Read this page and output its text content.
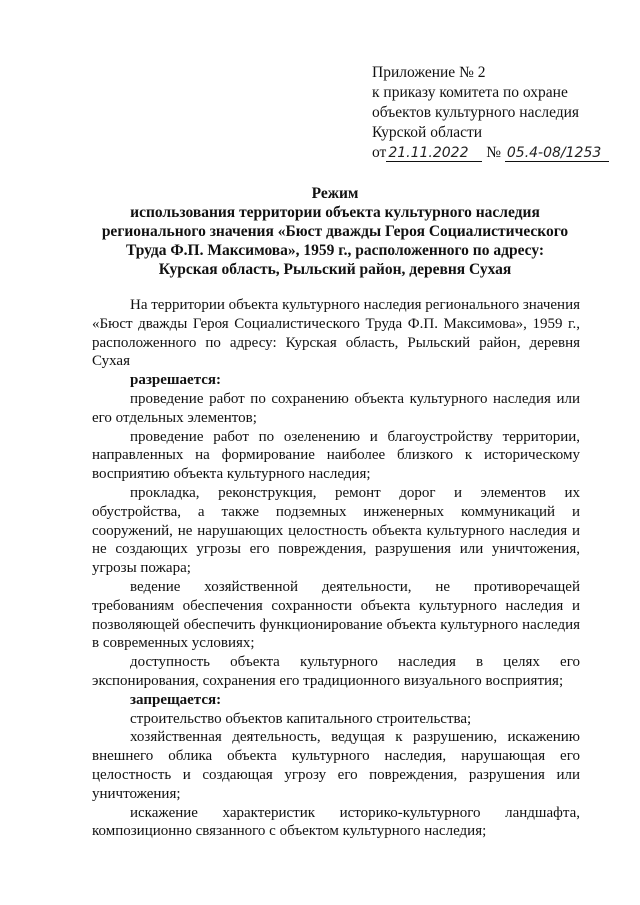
Приложение № 2
к приказу комитета по охране
объектов культурного наследия
Курской области
от 21.11.2022 № 05.4-08/1253
Режим
использования территории объекта культурного наследия
регионального значения «Бюст дважды Героя Социалистического
Труда Ф.П. Максимова», 1959 г., расположенного по адресу:
Курская область, Рыльский район, деревня Сухая

На территории объекта культурного наследия регионального значения «Бюст дважды Героя Социалистического Труда Ф.П. Максимова», 1959 г., расположенного по адресу: Курская область, Рыльский район, деревня Сухая

разрешается:

проведение работ по сохранению объекта культурного наследия или его отдельных элементов;

проведение работ по озеленению и благоустройству территории, направленных на формирование наиболее близкого к историческому восприятию объекта культурного наследия;

прокладка, реконструкция, ремонт дорог и элементов их обустройства, а также подземных инженерных коммуникаций и сооружений, не нарушающих целостность объекта культурного наследия и не создающих угрозы его повреждения, разрушения или уничтожения, угрозы пожара;

ведение хозяйственной деятельности, не противоречащей требованиям обеспечения сохранности объекта культурного наследия и позволяющей обеспечить функционирование объекта культурного наследия в современных условиях;

доступность объекта культурного наследия в целях его экспонирования, сохранения его традиционного визуального восприятия;

запрещается:

строительство объектов капитального строительства;

хозяйственная деятельность, ведущая к разрушению, искажению внешнего облика объекта культурного наследия, нарушающая его целостность и создающая угрозу его повреждения, разрушения или уничтожения;

искажение характеристик историко-культурного ландшафта, композиционно связанного с объектом культурного наследия;
